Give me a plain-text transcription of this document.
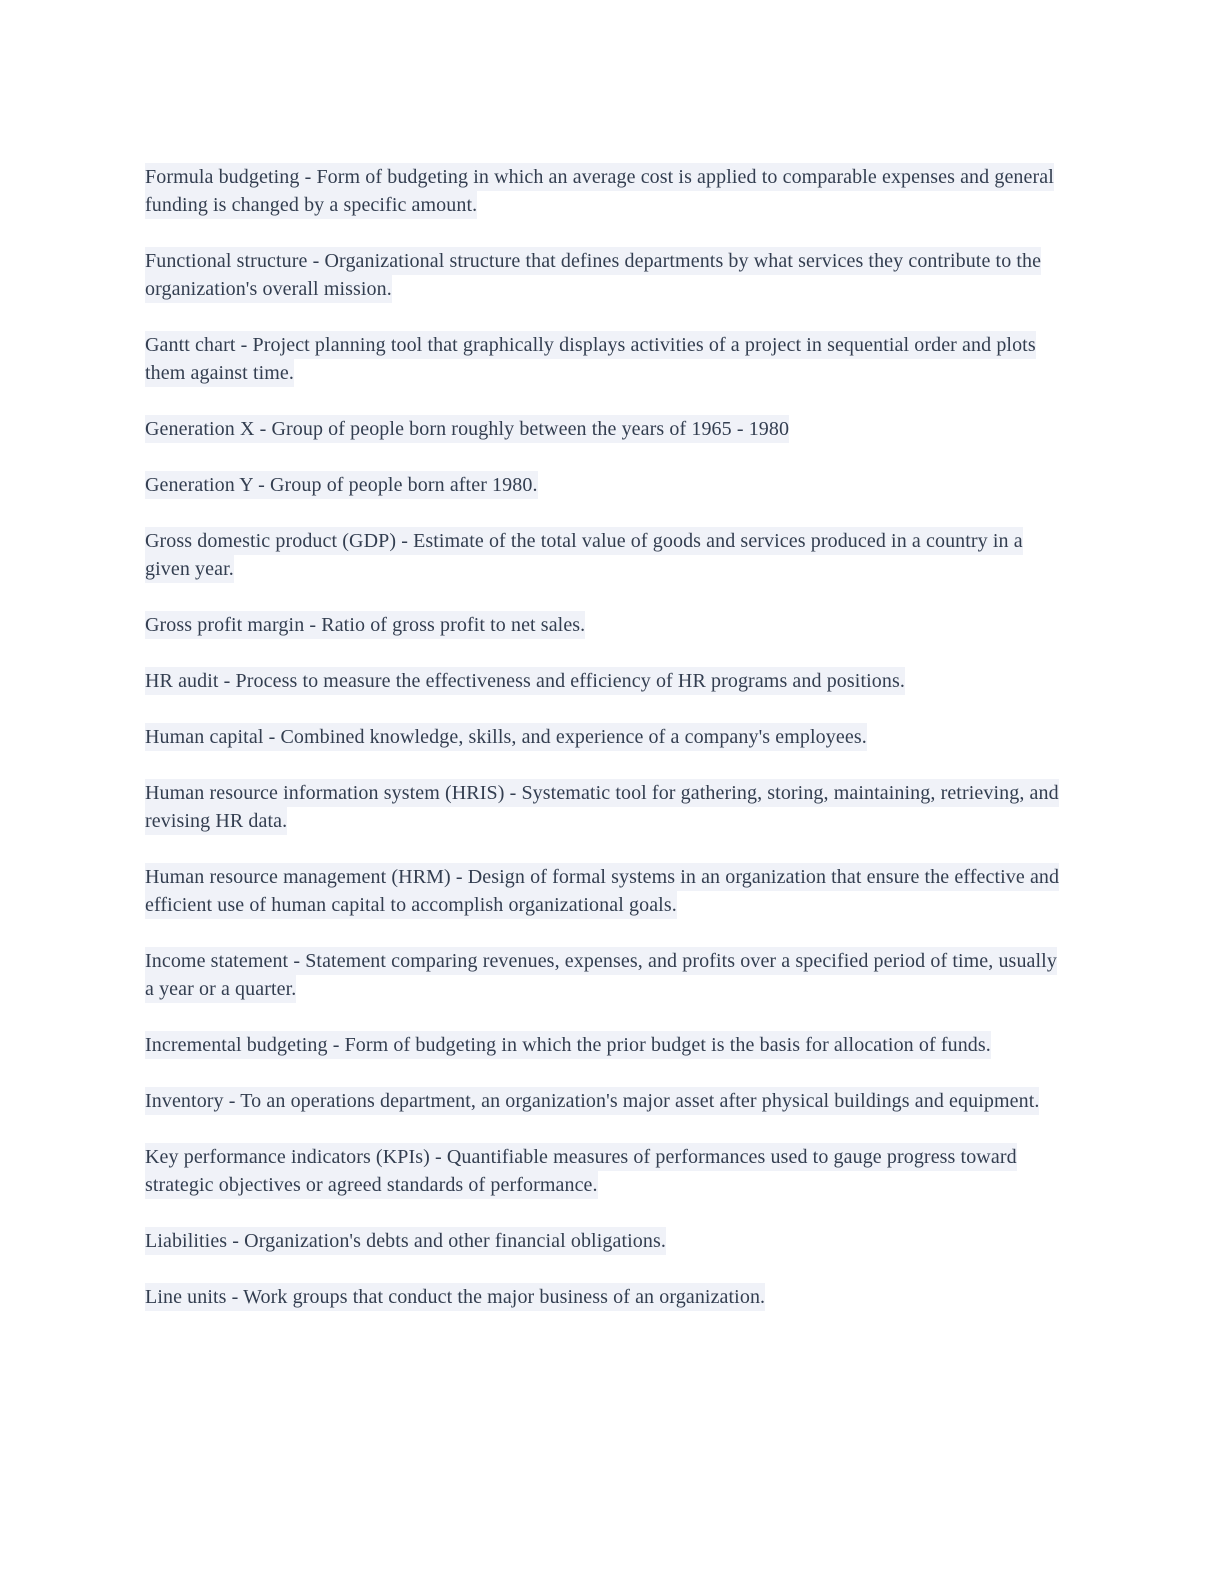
Formula budgeting - Form of budgeting in which an average cost is applied to comparable expenses and general funding is changed by a specific amount.

Functional structure - Organizational structure that defines departments by what services they contribute to the organization's overall mission.

Gantt chart - Project planning tool that graphically displays activities of a project in sequential order and plots them against time.

Generation X - Group of people born roughly between the years of 1965 - 1980

Generation Y - Group of people born after 1980.

Gross domestic product (GDP) - Estimate of the total value of goods and services produced in a country in a given year.

Gross profit margin - Ratio of gross profit to net sales.

HR audit - Process to measure the effectiveness and efficiency of HR programs and positions.

Human capital - Combined knowledge, skills, and experience of a company's employees.

Human resource information system (HRIS) - Systematic tool for gathering, storing, maintaining, retrieving, and revising HR data.

Human resource management (HRM) - Design of formal systems in an organization that ensure the effective and efficient use of human capital to accomplish organizational goals.

Income statement - Statement comparing revenues, expenses, and profits over a specified period of time, usually a year or a quarter.

Incremental budgeting - Form of budgeting in which the prior budget is the basis for allocation of funds.

Inventory - To an operations department, an organization's major asset after physical buildings and equipment.

Key performance indicators (KPIs) - Quantifiable measures of performances used to gauge progress toward strategic objectives or agreed standards of performance.

Liabilities - Organization's debts and other financial obligations.

Line units - Work groups that conduct the major business of an organization.
